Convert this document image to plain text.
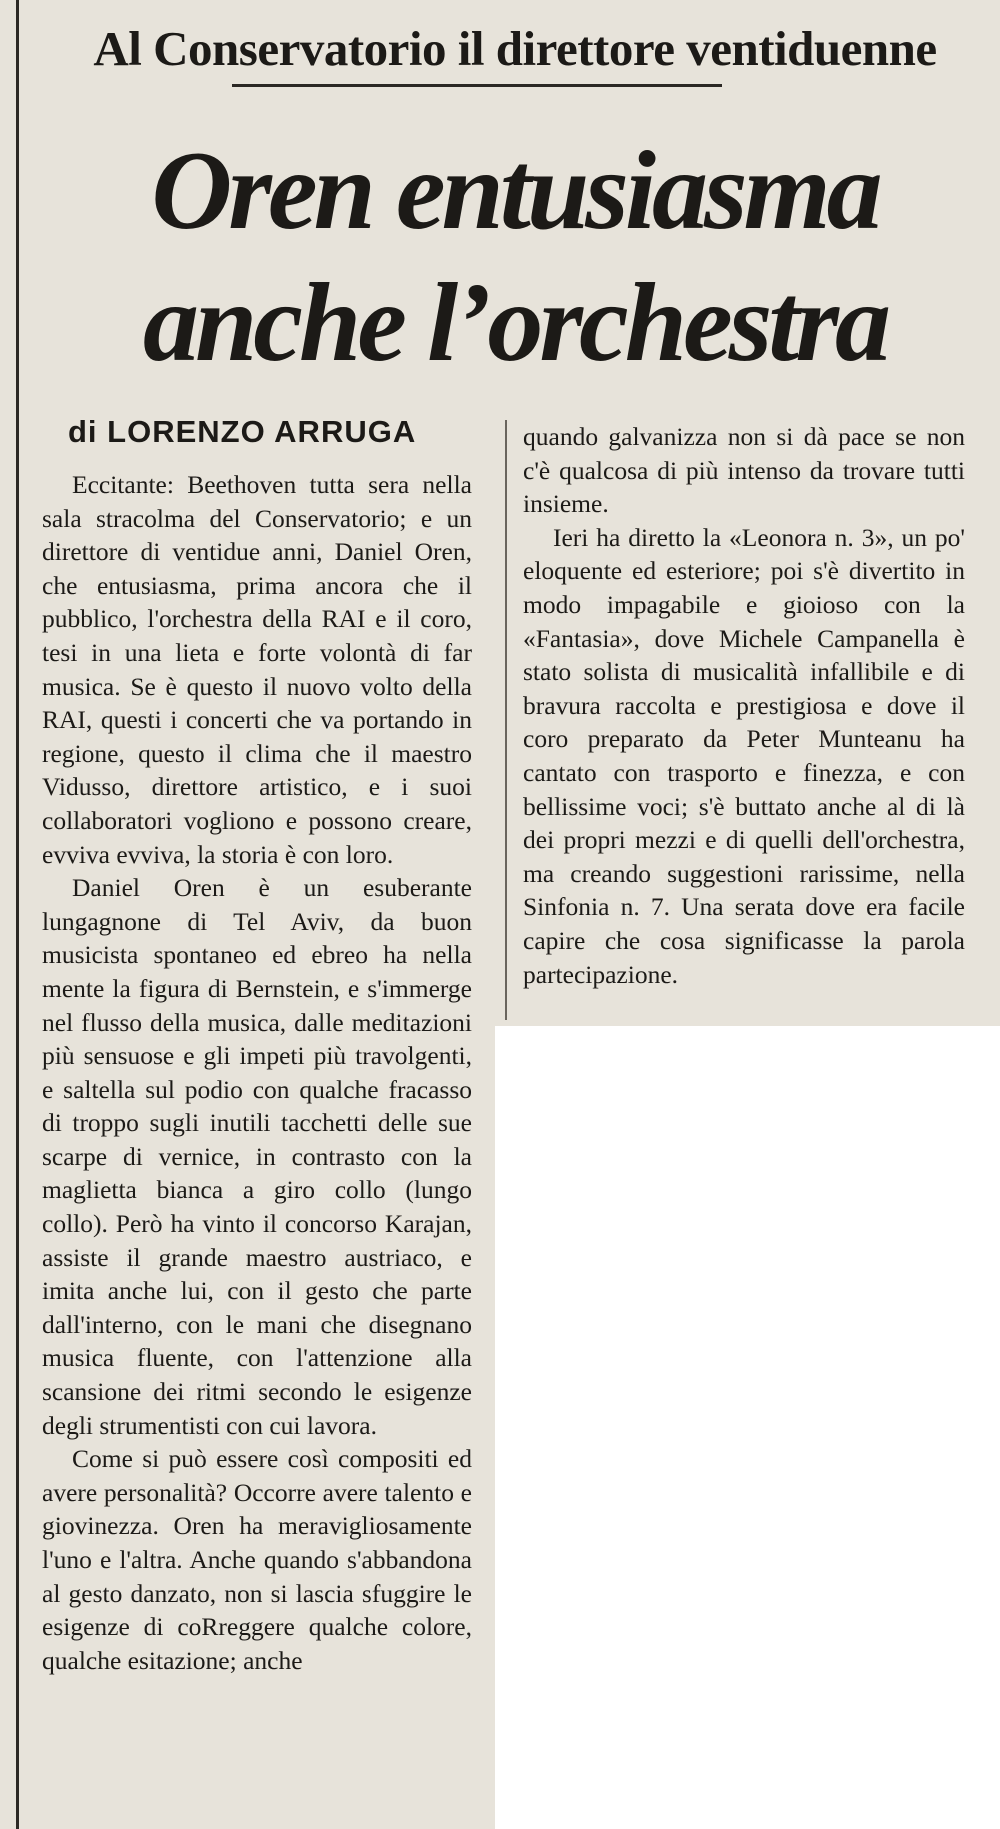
Al Conservatorio il direttore ventiduenne
Oren entusiasma
anche l’orchestra
di LORENZO ARRUGA

Eccitante: Beethoven tutta sera nella sala stracolma del Conservatorio; e un direttore di ventidue anni, Daniel Oren, che entusiasma, prima ancora che il pubblico, l'orchestra della RAI e il coro, tesi in una lieta e forte volontà di far musica. Se è questo il nuovo volto della RAI, questi i concerti che va portando in regione, questo il clima che il maestro Vidusso, direttore artistico, e i suoi collaboratori vogliono e possono creare, evviva evviva, la storia è con loro.

Daniel Oren è un esuberante lungagnone di Tel Aviv, da buon musicista spontaneo ed ebreo ha nella mente la figura di Bernstein, e s'immerge nel flusso della musica, dalle meditazioni più sensuose e gli impeti più travolgenti, e saltella sul podio con qualche fracasso di troppo sugli inutili tacchetti delle sue scarpe di vernice, in contrasto con la maglietta bianca a giro collo (lungo collo). Però ha vinto il concorso Karajan, assiste il grande maestro austriaco, e imita anche lui, con il gesto che parte dall'interno, con le mani che disegnano musica fluente, con l'attenzione alla scansione dei ritmi secondo le esigenze degli strumentisti con cui lavora.

Come si può essere così compositi ed avere personalità? Occorre avere talento e giovinezza. Oren ha meravigliosamente l'uno e l'altra. Anche quando s'abbandona al gesto danzato, non si lascia sfuggire le esigenze di coRreggere qualche colore, qualche esitazione; anche

quando galvanizza non si dà pace se non c'è qualcosa di più intenso da trovare tutti insieme.

Ieri ha diretto la «Leonora n. 3», un po' eloquente ed esteriore; poi s'è divertito in modo impagabile e gioioso con la «Fantasia», dove Michele Campanella è stato solista di musicalità infallibile e di bravura raccolta e prestigiosa e dove il coro preparato da Peter Munteanu ha cantato con trasporto e finezza, e con bellissime voci; s'è buttato anche al di là dei propri mezzi e di quelli dell'orchestra, ma creando suggestioni rarissime, nella Sinfonia n. 7. Una serata dove era facile capire che cosa significasse la parola partecipazione.
